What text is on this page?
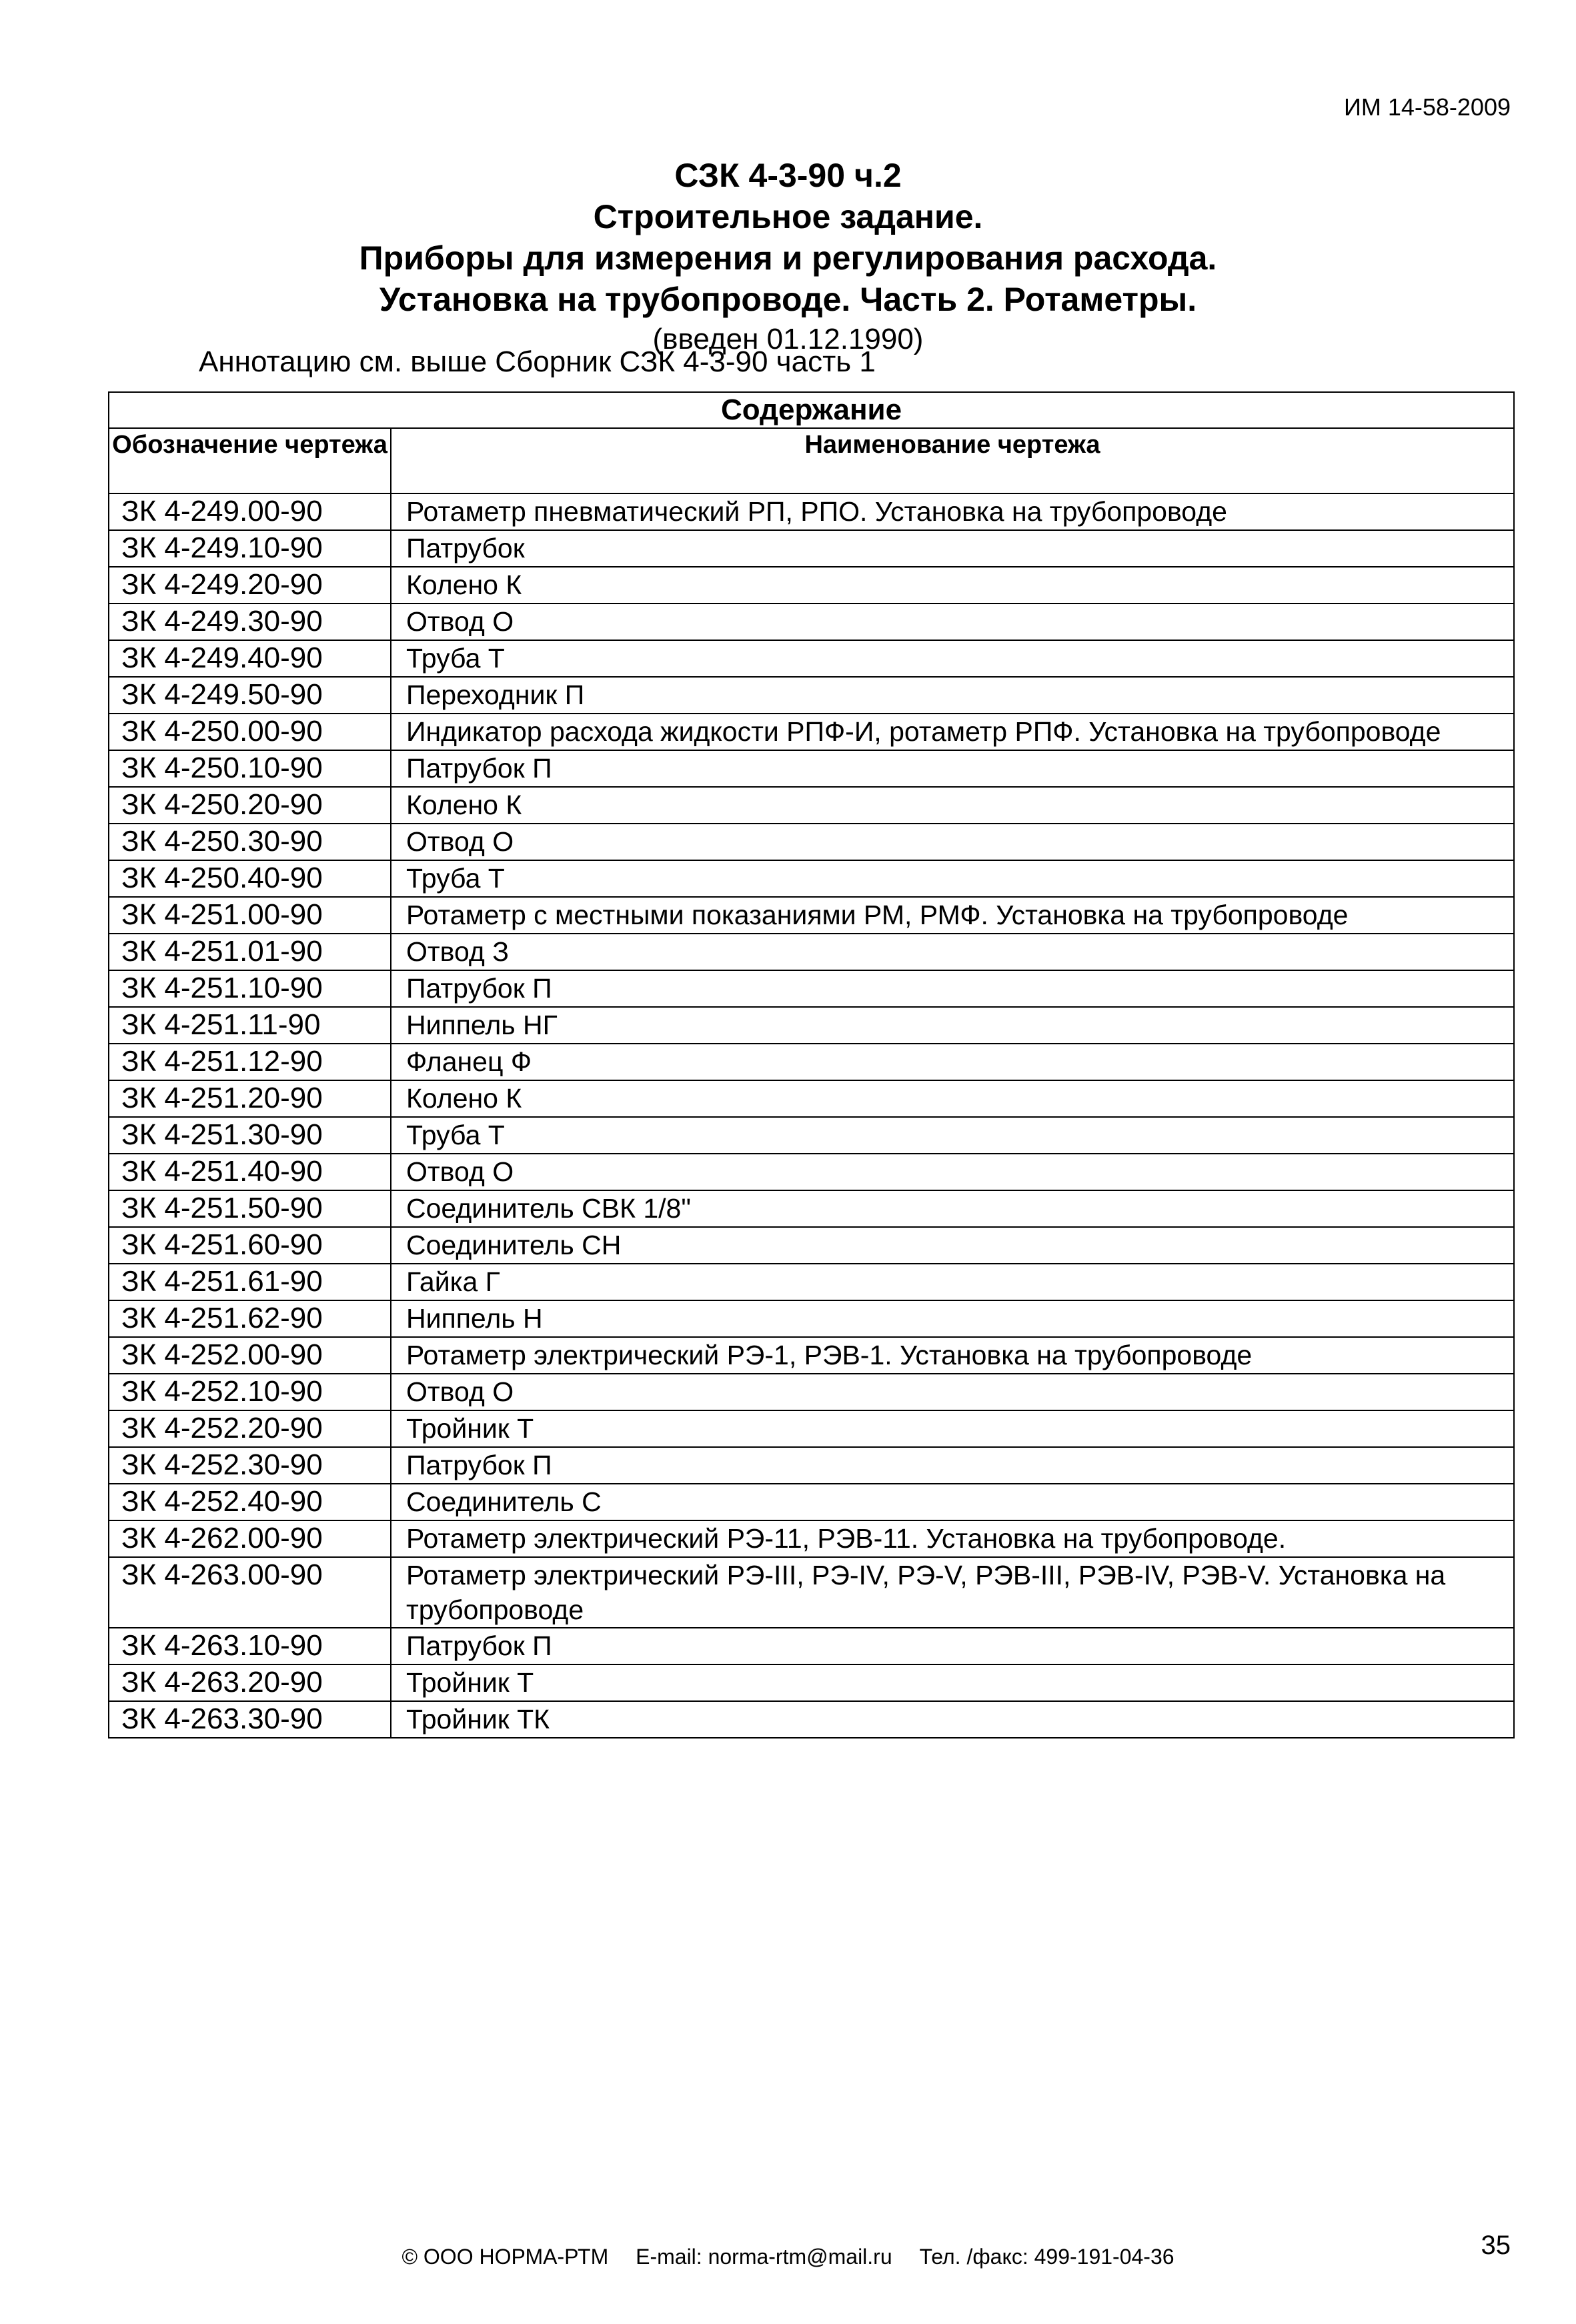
ИМ 14-58-2009
СЗК 4-3-90 ч.2
Строительное задание.
Приборы для измерения и регулирования расхода.
Установка на трубопроводе. Часть 2. Ротаметры.
(введен 01.12.1990)
Аннотацию см. выше Сборник СЗК 4-3-90 часть 1
Содержание	
Обозначение чертежа	Наименование чертежа
ЗК 4-249.00-90	Ротаметр пневматический РП, РПО. Установка на трубопроводе
ЗК 4-249.10-90	Патрубок
ЗК 4-249.20-90	Колено К
ЗК 4-249.30-90	Отвод О
ЗК 4-249.40-90	Труба Т
ЗК 4-249.50-90	Переходник П
ЗК 4-250.00-90	Индикатор расхода жидкости РПФ-И, ротаметр РПФ. Установка на трубопроводе
ЗК 4-250.10-90	Патрубок П
ЗК 4-250.20-90	Колено К
ЗК 4-250.30-90	Отвод О
ЗК 4-250.40-90	Труба Т
ЗК 4-251.00-90	Ротаметр с местными показаниями РМ, РМФ. Установка на трубопроводе
ЗК 4-251.01-90	Отвод З
ЗК 4-251.10-90	Патрубок П
ЗК 4-251.11-90	Ниппель НГ
ЗК 4-251.12-90	Фланец Ф
ЗК 4-251.20-90	Колено К
ЗК 4-251.30-90	Труба Т
ЗК 4-251.40-90	Отвод О
ЗК 4-251.50-90	Соединитель СВК 1/8"
ЗК 4-251.60-90	Соединитель СН
ЗК 4-251.61-90	Гайка Г
ЗК 4-251.62-90	Ниппель Н
ЗК 4-252.00-90	Ротаметр электрический РЭ-1, РЭВ-1. Установка на трубопроводе
ЗК 4-252.10-90	Отвод О
ЗК 4-252.20-90	Тройник Т
ЗК 4-252.30-90	Патрубок П
ЗК 4-252.40-90	Соединитель С
ЗК 4-262.00-90	Ротаметр электрический РЭ-11, РЭВ-11. Установка на трубопроводе.
ЗК 4-263.00-90	Ротаметр электрический РЭ-III, РЭ-IV, РЭ-V, РЭВ-III, РЭВ-IV, РЭВ-V. Установка на трубопроводе
ЗК 4-263.10-90	Патрубок П
ЗК 4-263.20-90	Тройник Т
ЗК 4-263.30-90	Тройник ТК
© ООО НОРМА-РТМ E-mail: norma-rtm@mail.ru Тел. /факс: 499-191-04-36	35
